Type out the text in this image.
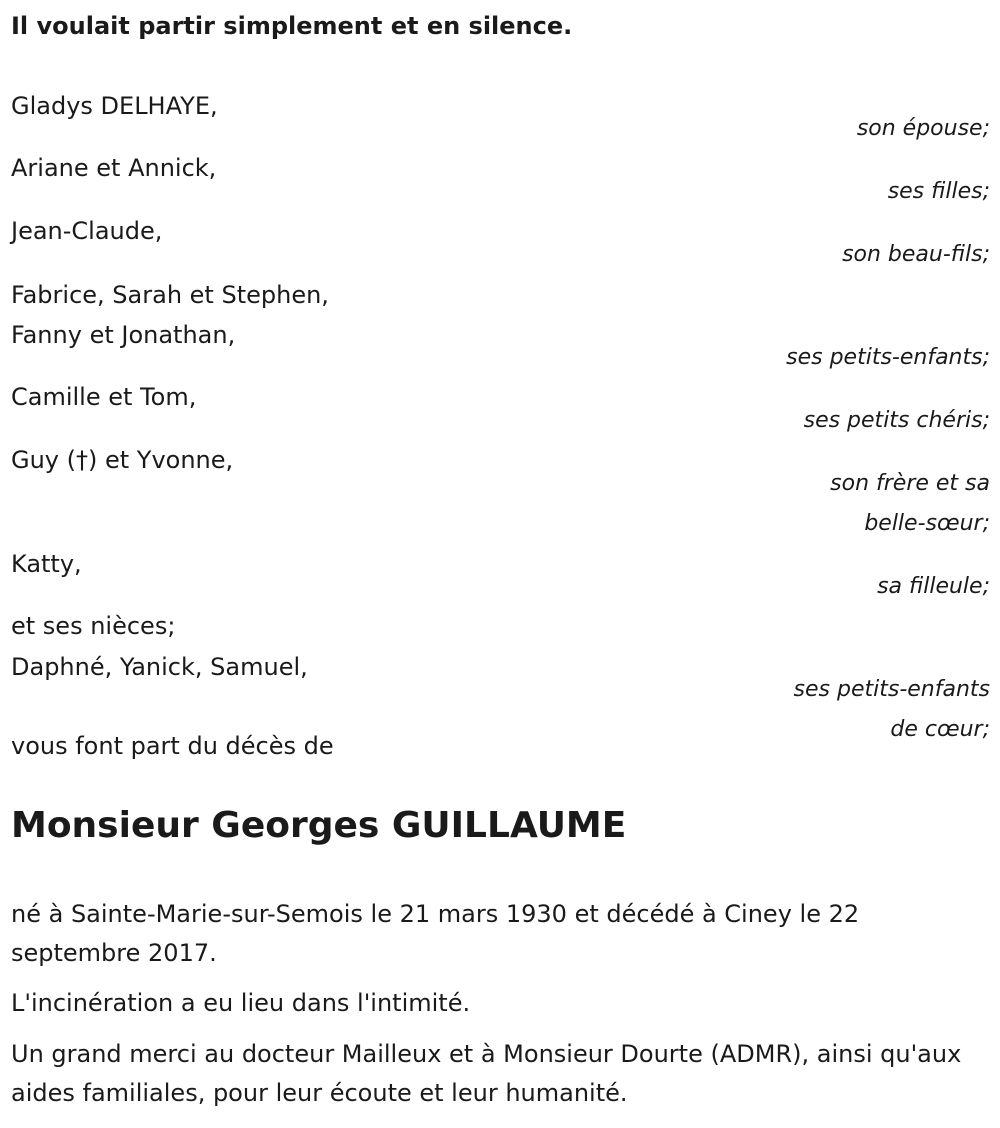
Il voulait partir simplement et en silence.
Gladys DELHAYE,
son épouse;
Ariane et Annick,
ses filles;
Jean-Claude,
son beau-fils;
Fabrice, Sarah et Stephen,
Fanny et Jonathan,
ses petits-enfants;
Camille et Tom,
ses petits chéris;
Guy (†) et Yvonne,
son frère et sa
belle-sœur;
Katty,
sa filleule;
et ses nièces;
Daphné, Yanick, Samuel,
ses petits-enfants
de cœur;
vous font part du décès de
Monsieur Georges GUILLAUME
né à Sainte-Marie-sur-Semois le 21 mars 1930 et décédé à Ciney le 22 septembre 2017.
L'incinération a eu lieu dans l'intimité.
Un grand merci au docteur Mailleux et à Monsieur Dourte (ADMR), ainsi qu'aux aides familiales, pour leur écoute et leur humanité.
